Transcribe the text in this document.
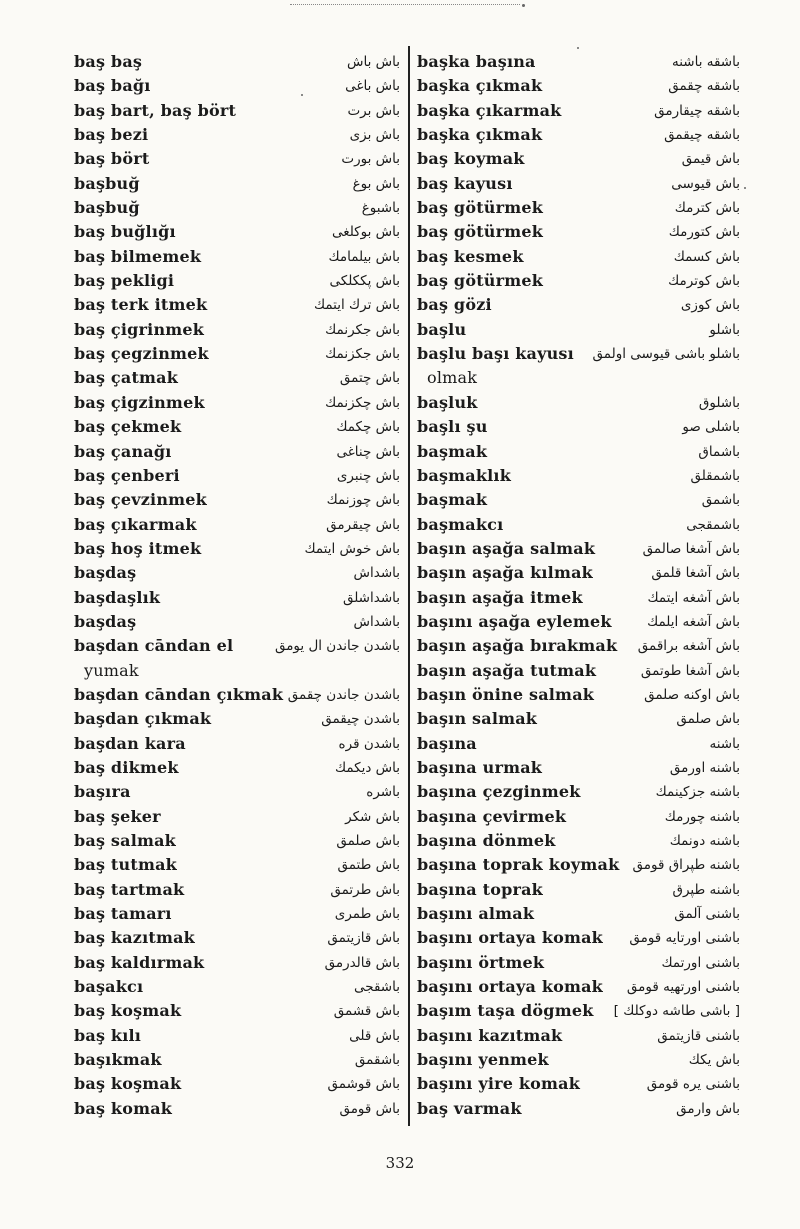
baş baş	باش باش
baş bağı	باش باغى
baş bart, baş bört	باش برت
baş bezi	باش بزى
baş bört	باش بورت
başbuğ	باش بوغ
başbuğ	باشبوغ
baş buğlığı	باش بوكلغى
baş bilmemek	باش بيلمامك
baş pekligi	باش پككلكى
baş terk itmek	باش ترك ايتمك
baş çigrinmek	باش جكرنمك
baş çegzinmek	باش جكزنمك
baş çatmak	باش چتمق
baş çigzinmek	باش چكزنمك
baş çekmek	باش چكمك
baş çanağı	باش چناغى
baş çenberi	باش چنبرى
baş çevzinmek	باش چوزنمك
baş çıkarmak	باش چيقرمق
baş hoş itmek	باش خوش ايتمك
başdaş	باشداش
başdaşlık	باشداشلق
başdaş	باشداش
başdan cāndan el	باشدن جاندن ال يومق
yumak
başdan cāndan çıkmak باشدن جاندن چقمق
başdan çıkmak	باشدن چيقمق
başdan kara	باشدن قره
baş dikmek	باش ديكمك
başıra	باشره
baş şeker	باش شكر
baş salmak	باش صلمق
baş tutmak	باش طتمق
baş tartmak	باش طرتمق
baş tamarı	باش طمرى
baş kazıtmak	باش قازيتمق
baş kaldırmak	باش قالدرمق
başakcı	باشقجى
baş koşmak	باش قشمق
baş kılı	باش قلى
başıkmak	باشقمق
baş koşmak	باش قوشمق
baş komak	باش قومق
başka başına	باشقه باشنه
başka çıkmak	باشقه چقمق
başka çıkarmak	باشقه چيقارمق
başka çıkmak	باشقه چيقمق
baş koymak	باش قيمق
baş kayusı	باش قيوسى
baş götürmek	باش كترمك
baş götürmek	باش كتورمك
baş kesmek	باش كسمك
baş götürmek	باش كوترمك
baş gözi	باش كوزى
başlu	باشلو
başlu başı kayusı باشلو باشى قيوسى اولمق
olmak
başluk	باشلوق
başlı şu	باشلى صو
başmak	باشماق
başmaklık	باشمقلق
başmak	باشمق
başmakcı	باشمقجى
başın aşağa salmak	باش آشغا صالمق
başın aşağa kılmak	باش آشغا قلمق
başın aşağa itmek	باش آشغه ايتمك
başını aşağa eylemek	باش آشغه ايلمك
başın aşağa bırakmak باش آشغه براقمق
başın aşağa tutmak	باش آشغا طوتمق
başın önine salmak	باش اوكنه صلمق
başın salmak	باش صلمق
başına	باشنه
başına urmak	باشنه اورمق
başına çezginmek	باشنه جزكينمك
başına çevirmek	باشنه چورمك
başına dönmek	باشنه دونمك
başına toprak koymak باشنه طپراق قومق
başına toprak	باشنه طپرق
başını almak	باشنى آلمق
başını ortaya komak باشنى اورتايه قومق
başını örtmek	باشنى اورتمك
başını ortaya komak باشنى اورتهيه قومق
başım taşa dögmek [ باشى طاشه دوكلك ]
başını kazıtmak	باشنى قازيتمق
başını yenmek	باش يكك
başını yire komak	باشنى يره قومق
baş varmak	باش وارمق
332
